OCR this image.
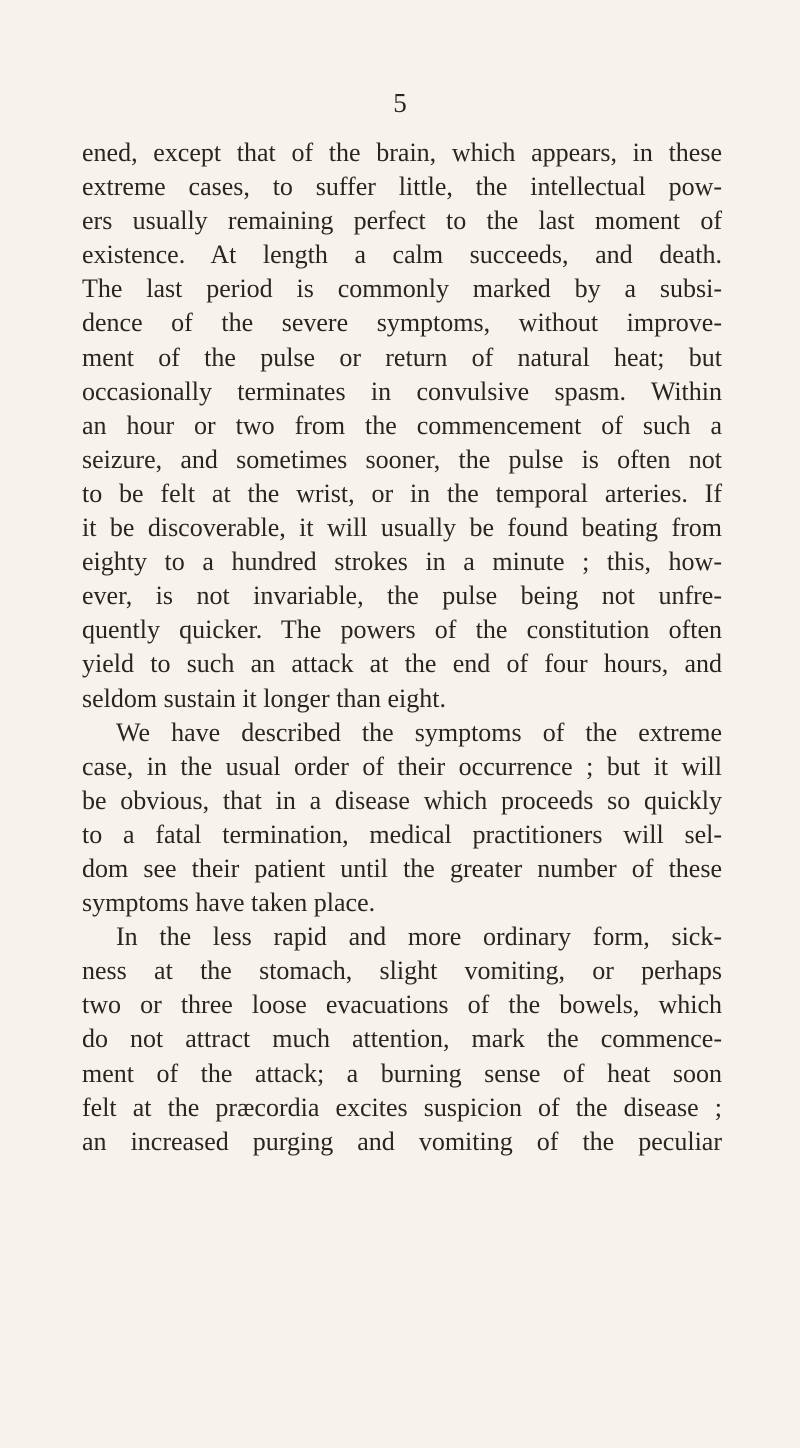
5
ened, except that of the brain, which appears, in these
extreme cases, to suffer little, the intellectual pow-
ers usually remaining perfect to the last moment of
existence. At length a calm succeeds, and death.
The last period is commonly marked by a subsi-
dence of the severe symptoms, without improve-
ment of the pulse or return of natural heat; but
occasionally terminates in convulsive spasm. Within
an hour or two from the commencement of such a
seizure, and sometimes sooner, the pulse is often not
to be felt at the wrist, or in the temporal arteries. If
it be discoverable, it will usually be found beating from
eighty to a hundred strokes in a minute ; this, how-
ever, is not invariable, the pulse being not unfre-
quently quicker. The powers of the constitution often
yield to such an attack at the end of four hours, and
seldom sustain it longer than eight.
We have described the symptoms of the extreme
case, in the usual order of their occurrence ; but it will
be obvious, that in a disease which proceeds so quickly
to a fatal termination, medical practitioners will sel-
dom see their patient until the greater number of these
symptoms have taken place.
In the less rapid and more ordinary form, sick-
ness at the stomach, slight vomiting, or perhaps
two or three loose evacuations of the bowels, which
do not attract much attention, mark the commence-
ment of the attack; a burning sense of heat soon
felt at the præcordia excites suspicion of the disease ;
an increased purging and vomiting of the peculiar
